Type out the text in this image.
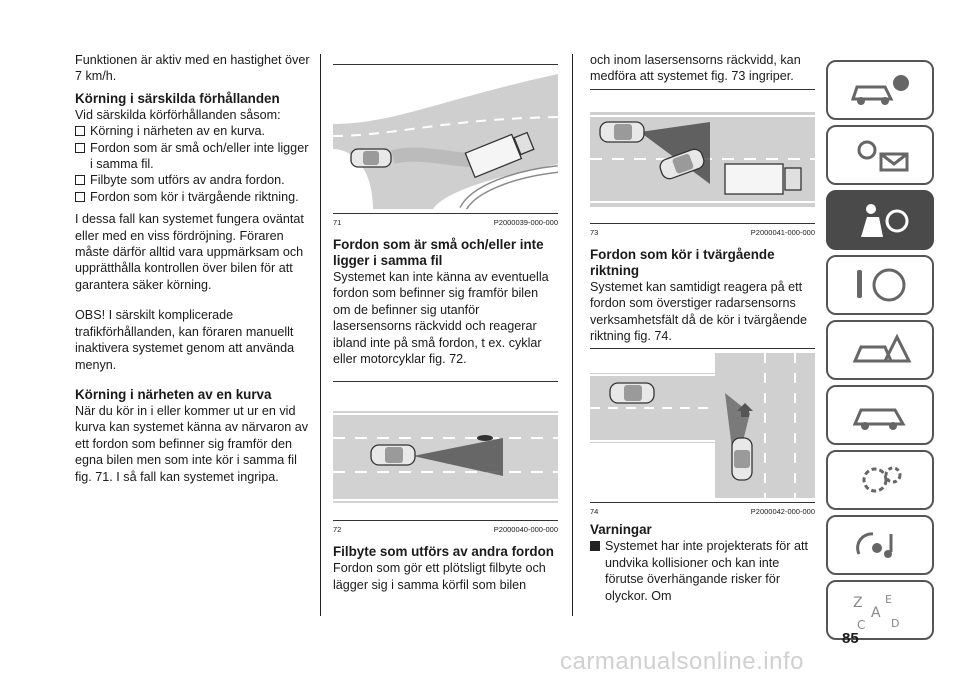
Funktionen är aktiv med en hastighet över 7 km/h.

Körning i särskilda förhållanden

Vid särskilda körförhållanden såsom:

Körning i närheten av en kurva.
Fordon som är små och/eller inte ligger i samma fil.
Filbyte som utförs av andra fordon.
Fordon som kör i tvärgående riktning.

I dessa fall kan systemet fungera oväntat eller med en viss fördröjning. Föraren måste därför alltid vara uppmärksam och upprätthålla kontrollen över bilen för att garantera säker körning.

OBS! I särskilt komplicerade trafikförhållanden, kan föraren manuellt inaktivera systemet genom att använda menyn.

Körning i närheten av en kurva

När du kör in i eller kommer ut ur en vid kurva kan systemet känna av närvaron av ett fordon som befinner sig framför den egna bilen men som inte kör i samma fil fig. 71. I så fall kan systemet ingripa.

71	P2000039-000-000
Fordon som är små och/eller inte ligger i samma fil

Systemet kan inte känna av eventuella fordon som befinner sig framför bilen om de befinner sig utanför lasersensorns räckvidd och reagerar ibland inte på små fordon, t ex. cyklar eller motorcyklar fig. 72.

72	P2000040-000-000
Filbyte som utförs av andra fordon

Fordon som gör ett plötsligt filbyte och lägger sig i samma körfil som bilen

och inom lasersensorns räckvidd, kan medföra att systemet fig. 73 ingriper.

73	P2000041-000-000
Fordon som kör i tvärgående riktning

Systemet kan samtidigt reagera på ett fordon som överstiger radarsensorns verksamhetsfält då de kör i tvärgående riktning fig. 74.

74	P2000042-000-000
Varningar
Systemet har inte projekterats för att undvika kollisioner och kan inte förutse överhängande risker för olyckor. Om	Z E
A
C D
85
carmanualsonline.info
